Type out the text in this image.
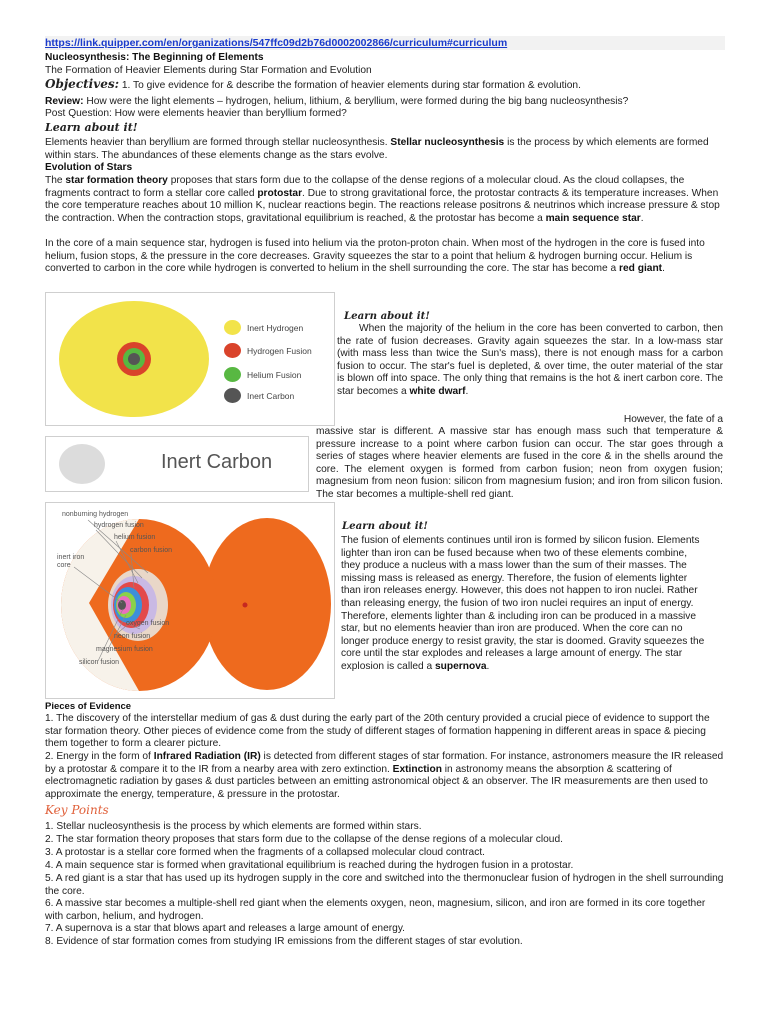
https://link.quipper.com/en/organizations/547ffc09d2b76d0002002866/curriculum#curriculum

Nucleosynthesis: The Beginning of Elements

The Formation of Heavier Elements during Star Formation and Evolution

Objectives: 1. To give evidence for & describe the formation of heavier elements during star formation & evolution.

Review: How were the light elements – hydrogen, helium, lithium, & beryllium, were formed during the big bang nucleosynthesis?

Post Question: How were elements heavier than beryllium formed?

Learn about it!

Elements heavier than beryllium are formed through stellar nucleosynthesis. Stellar nucleosynthesis is the process by which elements are formed within stars. The abundances of these elements change as the stars evolve.

Evolution of Stars

The star formation theory proposes that stars form due to the collapse of the dense regions of a molecular cloud. As the cloud collapses, the fragments contract to form a stellar core called protostar. Due to strong gravitational force, the protostar contracts & its temperature increases. When the core temperature reaches about 10 million K, nuclear reactions begin. The reactions release positrons & neutrinos which increase pressure & stop the contraction. When the contraction stops, gravitational equilibrium is reached, & the protostar has become a main sequence star.

In the core of a main sequence star, hydrogen is fused into helium via the proton-proton chain. When most of the hydrogen in the core is fused into helium, fusion stops, & the pressure in the core decreases. Gravity squeezes the star to a point that helium & hydrogen burning occur. Helium is converted to carbon in the core while hydrogen is converted to helium in the shell surrounding the core. The star has become a red giant.

Inert Hydrogen
Hydrogen Fusion
Helium Fusion
Inert Carbon

Learn about it!

When the majority of the helium in the core has been converted to carbon, then the rate of fusion decreases. Gravity again squeezes the star. In a low-mass star (with mass less than twice the Sun's mass), there is not enough mass for a carbon fusion to occur. The star's fuel is depleted, & over time, the outer material of the star is blown off into space. The only thing that remains is the hot & inert carbon core. The star becomes a white dwarf.

However, the fate of a

massive star is different. A massive star has enough mass such that temperature & pressure increase to a point where carbon fusion can occur. The star goes through a series of stages where heavier elements are fused in the core & in the shells around the core. The element oxygen is formed from carbon fusion; neon from oxygen fusion; magnesium from neon fusion: silicon from magnesium fusion; and iron from silicon fusion. The star becomes a multiple-shell red giant.

Inert Carbon
nonburning hydrogen
hydrogen fusion
helium fusion
carbon fusion
inert iron core
oxygen fusion
neon fusion
magnesium fusion
silicon fusion

Learn about it!

The fusion of elements continues until iron is formed by silicon fusion. Elements lighter than iron can be fused because when two of these elements combine, they produce a nucleus with a mass lower than the sum of their masses. The missing mass is released as energy. Therefore, the fusion of elements lighter than iron releases energy. However, this does not happen to iron nuclei. Rather than releasing energy, the fusion of two iron nuclei requires an input of energy. Therefore, elements lighter than & including iron can be produced in a massive star, but no elements heavier than iron are produced. When the core can no longer produce energy to resist gravity, the star is doomed. Gravity squeezes the core until the star explodes and releases a large amount of energy. The star explosion is called a supernova.

Pieces of Evidence

1. The discovery of the interstellar medium of gas & dust during the early part of the 20th century provided a crucial piece of evidence to support the star formation theory. Other pieces of evidence come from the study of different stages of formation happening in different areas in space & piecing them together to form a clearer picture.

2. Energy in the form of Infrared Radiation (IR) is detected from different stages of star formation. For instance, astronomers measure the IR released by a protostar & compare it to the IR from a nearby area with zero extinction. Extinction in astronomy means the absorption & scattering of electromagnetic radiation by gases & dust particles between an emitting astronomical object & an observer. The IR measurements are then used to approximate the energy, temperature, & pressure in the protostar.

Key Points

1. Stellar nucleosynthesis is the process by which elements are formed within stars.

2. The star formation theory proposes that stars form due to the collapse of the dense regions of a molecular cloud.

3. A protostar is a stellar core formed when the fragments of a collapsed molecular cloud contract.

4. A main sequence star is formed when gravitational equilibrium is reached during the hydrogen fusion in a protostar.

5. A red giant is a star that has used up its hydrogen supply in the core and switched into the thermonuclear fusion of hydrogen in the shell surrounding the core.

6. A massive star becomes a multiple-shell red giant when the elements oxygen, neon, magnesium, silicon, and iron are formed in its core together with carbon, helium, and hydrogen.

7. A supernova is a star that blows apart and releases a large amount of energy.

8. Evidence of star formation comes from studying IR emissions from the different stages of star evolution.
